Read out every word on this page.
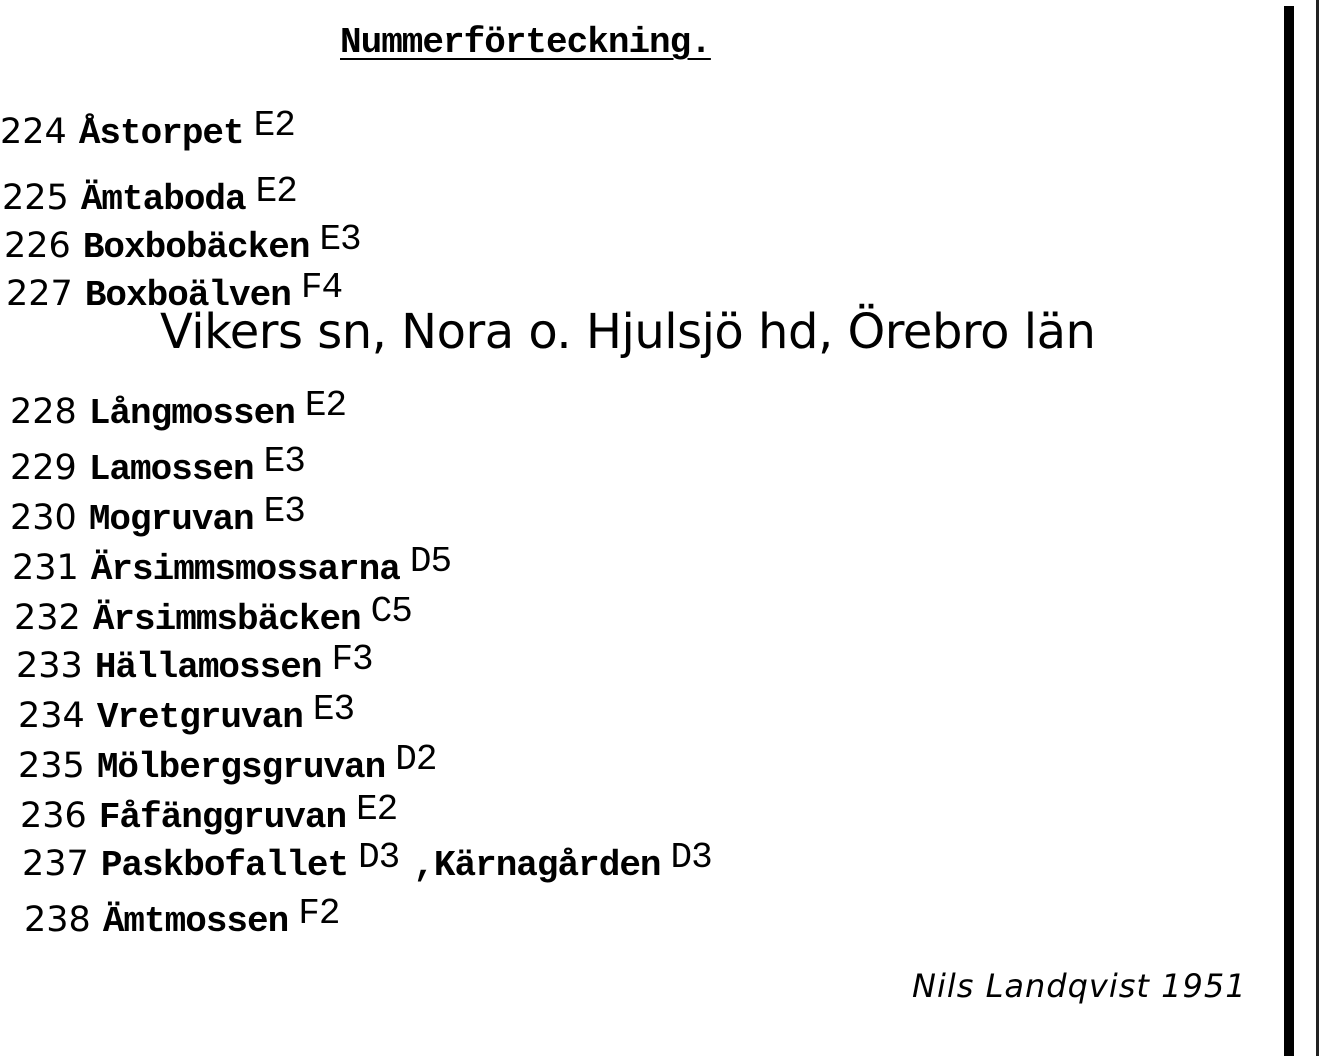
Nummerförteckning.
224 Åstorpet E2
225 Ämtaboda E2
226 Boxbobäcken E3
227 Boxboälven F4
Vikers sn, Nora o. Hjulsjö hd, Örebro län
228 Långmossen E2
229 Lamossen E3
230 Mogruvan E3
231 Ärsimmsmossarna D5
232 Ärsimmsbäcken C5
233 Hällamossen F3
234 Vretgruvan E3
235 Mölbergsgruvan D2
236 Fåfänggruvan E2
237 Paskbofallet D3 ,Kärnagården D3
238 Ämtmossen F2
Nils Landqvist 1951
